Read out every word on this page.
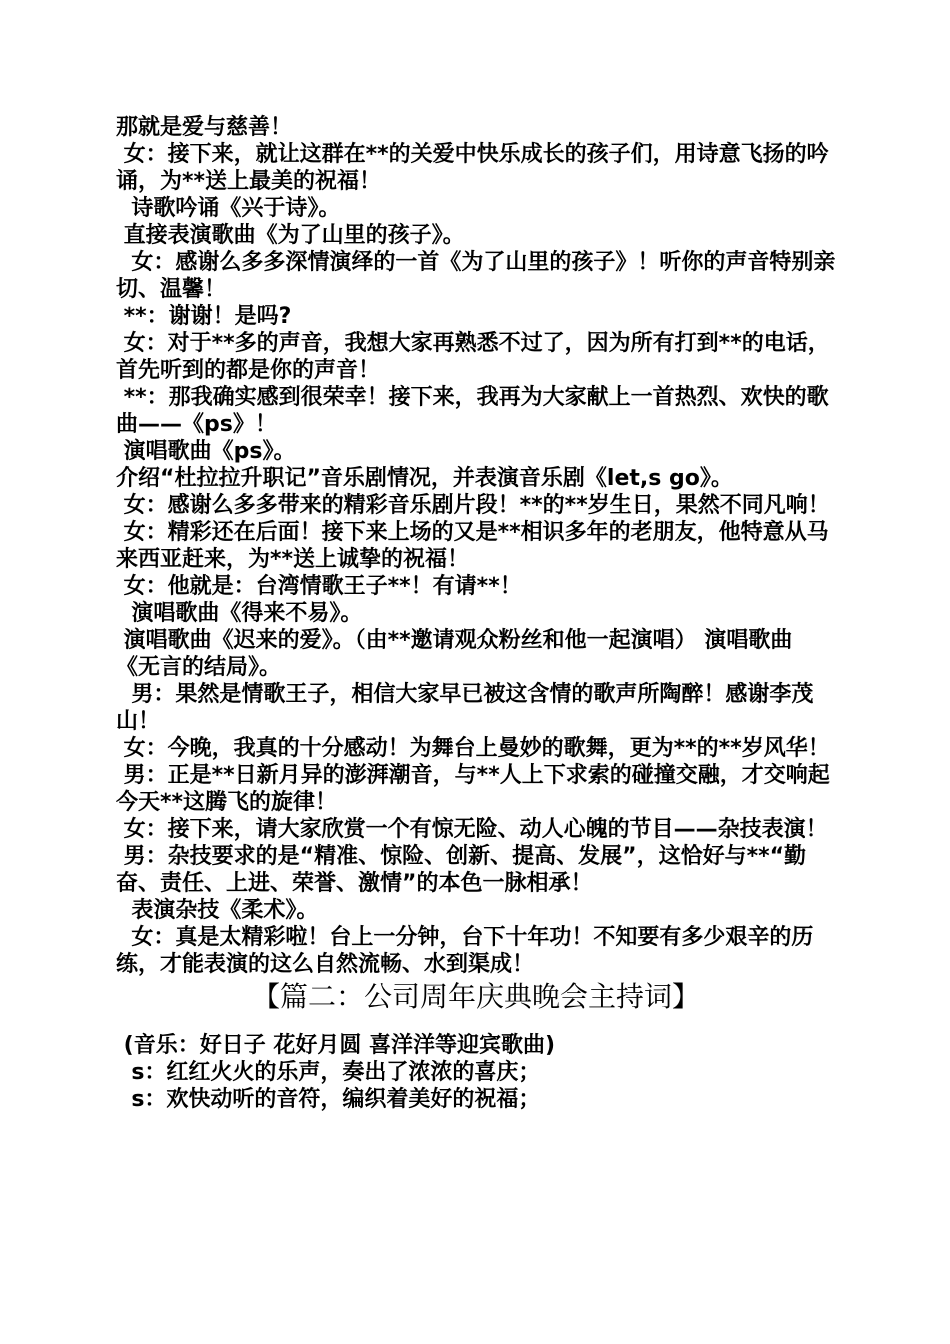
那就是爱与慈善！

女：接下来，就让这群在**的关爱中快乐成长的孩子们，用诗意飞扬的吟诵，为**送上最美的祝福！

诗歌吟诵《兴于诗》。

直接表演歌曲《为了山里的孩子》。

女：感谢么多多深情演绎的一首《为了山里的孩子》！听你的声音特别亲切、温馨！

**：谢谢！是吗?

女：对于**多的声音，我想大家再熟悉不过了，因为所有打到**的电话，首先听到的都是你的声音！

**：那我确实感到很荣幸！接下来，我再为大家献上一首热烈、欢快的歌曲——《ps》！

演唱歌曲《ps》。

介绍“杜拉拉升职记”音乐剧情况，并表演音乐剧《let,s go》。

女：感谢么多多带来的精彩音乐剧片段！**的**岁生日，果然不同凡响！

女：精彩还在后面！接下来上场的又是**相识多年的老朋友，他特意从马来西亚赶来，为**送上诚挚的祝福！

女：他就是：台湾情歌王子**！有请**！

演唱歌曲《得来不易》。

演唱歌曲《迟来的爱》。（由**邀请观众粉丝和他一起演唱） 演唱歌曲《无言的结局》。

男：果然是情歌王子，相信大家早已被这含情的歌声所陶醉！感谢李茂山！

女：今晚，我真的十分感动！为舞台上曼妙的歌舞，更为**的**岁风华！

男：正是**日新月异的澎湃潮音，与**人上下求索的碰撞交融，才交响起今天**这腾飞的旋律！

女：接下来，请大家欣赏一个有惊无险、动人心魄的节目——杂技表演！

男：杂技要求的是“精准、惊险、创新、提高、发展”，这恰好与**“勤奋、责任、上进、荣誉、激情”的本色一脉相承！

表演杂技《柔术》。

女：真是太精彩啦！台上一分钟，台下十年功！不知要有多少艰辛的历练，才能表演的这么自然流畅、水到渠成！

【篇二：公司周年庆典晚会主持词】

(音乐：好日子 花好月圆 喜洋洋等迎宾歌曲)

s：红红火火的乐声，奏出了浓浓的喜庆；

s：欢快动听的音符，编织着美好的祝福；
